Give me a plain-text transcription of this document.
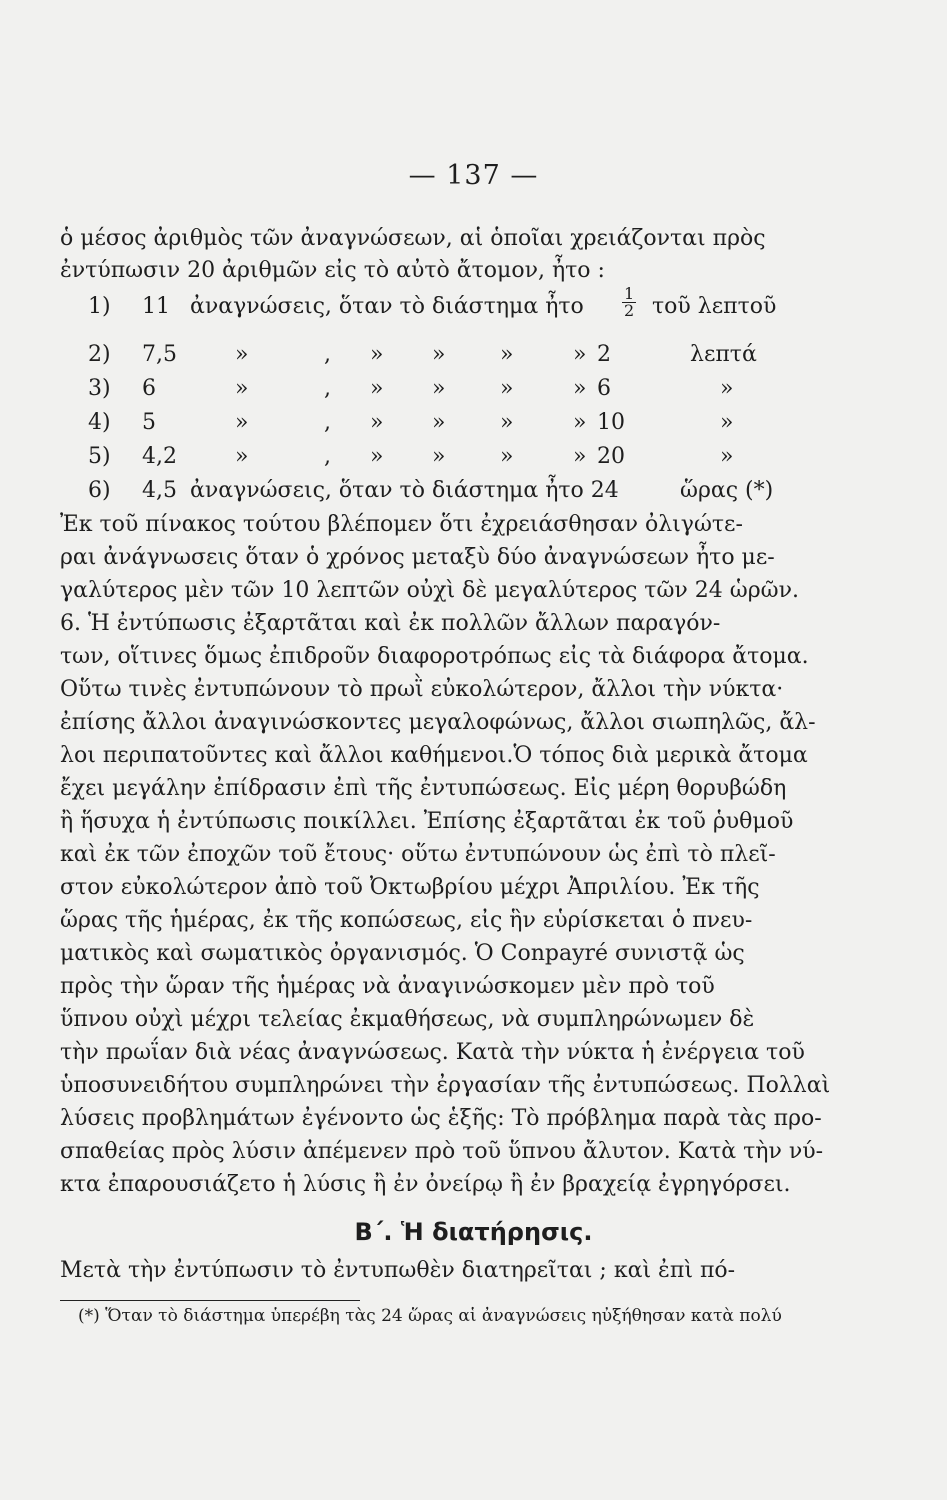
— 137 —
ὁ μέσος ἀριθμὸς τῶν ἀναγνώσεων, αἱ ὁποῖαι χρειάζονται πρὸς
ἐντύπωσιν 20 ἀριθμῶν εἰς τὸ αὐτὸ ἄτομον, ἦτο :
1) 11 ἀναγνώσεις, ὅταν τὸ διάστημα ἦτο $\frac{1}{2}$ τοῦ λεπτοῦ
2) 7,5	»	, » » »	» 2	λεπτά
3) 6	»	, » » »	» 6	»
4) 5	»	, » » »	» 10	»
5) 4,2	»	, » » »	» 20	»
6) 4,5 ἀναγνώσεις, ὅταν τὸ διάστημα ἦτο 24	ὥρας (*)
Ἐκ τοῦ πίνακος τούτου βλέπομεν ὅτι ἐχρειάσθησαν ὀλιγώτε-
ραι ἀνάγνωσεις ὅταν ὁ χρόνος μεταξὺ δύο ἀναγνώσεων ἦτο με-
γαλύτερος μὲν τῶν 10 λεπτῶν οὐχὶ δὲ μεγαλύτερος τῶν 24 ὡρῶν.
6. Ἡ ἐντύπωσις ἐξαρτᾶται καὶ ἐκ πολλῶν ἄλλων παραγόν-
των, οἵτινες ὅμως ἐπιδροῦν διαφοροτρόπως εἰς τὰ διάφορα ἄτομα.
Οὕτω τινὲς ἐντυπώνουν τὸ πρωῒ εὐκολώτερον, ἄλλοι τὴν νύκτα·
ἐπίσης ἄλλοι ἀναγινώσκοντες μεγαλοφώνως, ἄλλοι σιωπηλῶς, ἄλ-
λοι περιπατοῦντες καὶ ἄλλοι καθήμενοι.Ὁ τόπος διὰ μερικὰ ἄτομα
ἔχει μεγάλην ἐπίδρασιν ἐπὶ τῆς ἐντυπώσεως. Εἰς μέρη θορυβώδη
ἢ ἥσυχα ἡ ἐντύπωσις ποικίλλει. Ἐπίσης ἐξαρτᾶται ἐκ τοῦ ῥυθμοῦ
καὶ ἐκ τῶν ἐποχῶν τοῦ ἔτους· οὕτω ἐντυπώνουν ὡς ἐπὶ τὸ πλεῖ-
στον εὐκολώτερον ἀπὸ τοῦ Ὀκτωβρίου μέχρι Ἀπριλίου. Ἐκ τῆς
ὥρας τῆς ἡμέρας, ἐκ τῆς κοπώσεως, εἰς ἣν εὑρίσκεται ὁ πνευ-
ματικὸς καὶ σωματικὸς ὀργανισμός. Ὁ Conpayré συνιστᾷ ὡς
πρὸς τὴν ὥραν τῆς ἡμέρας νὰ ἀναγινώσκομεν μὲν πρὸ τοῦ
ὕπνου οὐχὶ μέχρι τελείας ἐκμαθήσεως, νὰ συμπληρώνωμεν δὲ
τὴν πρωΐαν διὰ νέας ἀναγνώσεως. Κατὰ τὴν νύκτα ἡ ἐνέργεια τοῦ
ὑποσυνειδήτου συμπληρώνει τὴν ἐργασίαν τῆς ἐντυπώσεως. Πολλαὶ
λύσεις προβλημάτων ἐγένοντο ὡς ἑξῆς: Τὸ πρόβλημα παρὰ τὰς προ-
σπαθείας πρὸς λύσιν ἀπέμενεν πρὸ τοῦ ὕπνου ἄλυτον. Κατὰ τὴν νύ-
κτα ἐπαρουσιάζετο ἡ λύσις ἢ ἐν ὀνείρῳ ἢ ἐν βραχείᾳ ἐγρηγόρσει.
Β΄. Ἡ διατήρησις.
Μετὰ τὴν ἐντύπωσιν τὸ ἐντυπωθὲν διατηρεῖται ; καὶ ἐπὶ πό-
(*) Ὅταν τὸ διάστημα ὑπερέβη τὰς 24 ὥρας αἱ ἀναγνώσεις ηὐξήθησαν κατὰ πολύ
